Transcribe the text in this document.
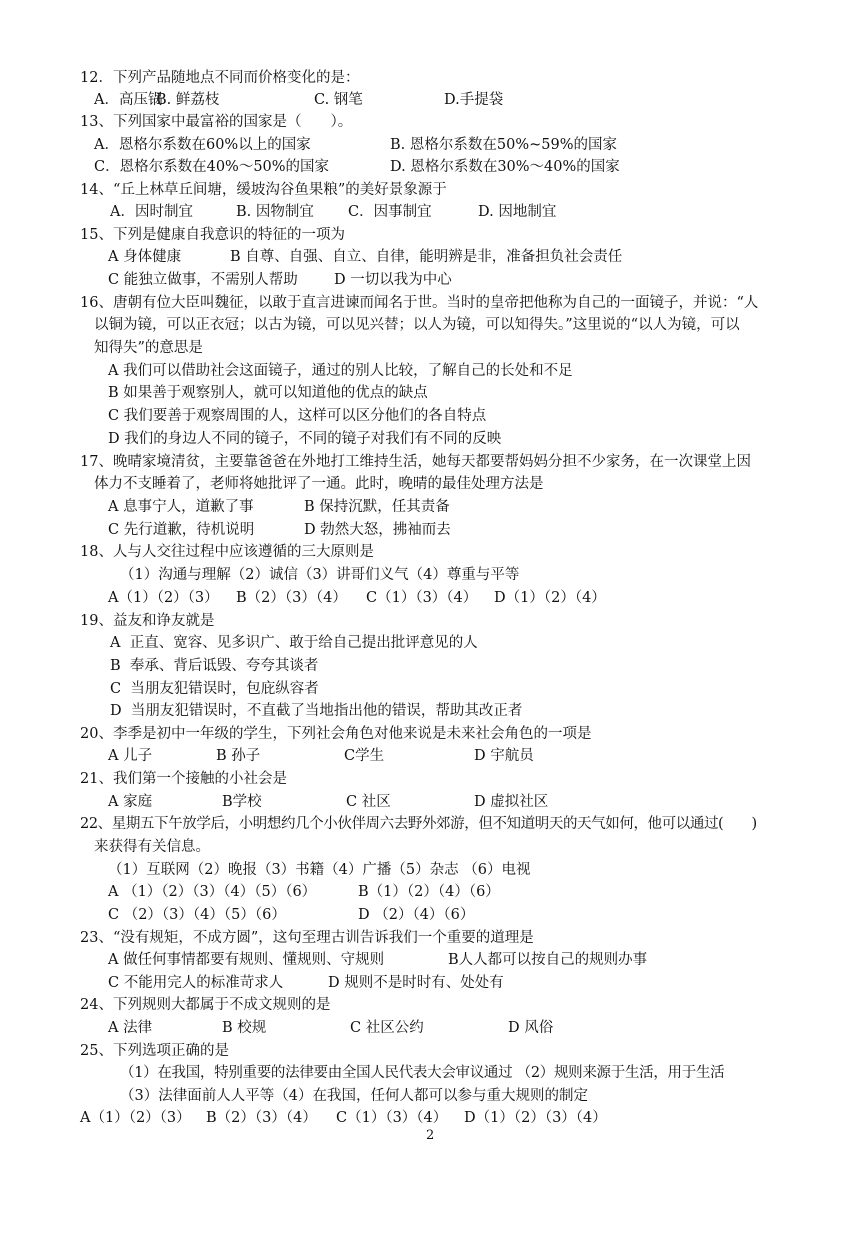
12．下列产品随地点不同而价格变化的是：

A．高压锅

B. 鲜荔枝

	C. 钢笔

	D.手提袋

13、下列国家中最富裕的国家是（　　）。

A．恩格尔系数在60%以上的国家

	B. 恩格尔系数在50%~59%的国家

C．恩格尔系数在40%～50%的国家

	D. 恩格尔系数在30%～40%的国家

14、“丘上林草丘间塘，缓坡沟谷鱼果粮”的美好景象源于

A．因时制宜

	B. 因物制宜

C．因事制宜

	D. 因地制宜

15、下列是健康自我意识的特征的一项为

A 身体健康

	B 自尊、自强、自立、自律，能明辨是非，准备担负社会责任

C 能独立做事，不需别人帮助

	D 一切以我为中心

16、唐朝有位大臣叫魏征，以敢于直言进谏而闻名于世。当时的皇帝把他称为自己的一面镜子，并说：“人
以铜为镜，可以正衣冠；以古为镜，可以见兴替；以人为镜，可以知得失。”这里说的“以人为镜，可以
知得失”的意思是
A 我们可以借助社会这面镜子，通过的别人比较，了解自己的长处和不足
B 如果善于观察别人，就可以知道他的优点的缺点
C 我们要善于观察周围的人，这样可以区分他们的各自特点
D 我们的身边人不同的镜子，不同的镜子对我们有不同的反映
17、晚晴家境清贫，主要靠爸爸在外地打工维持生活，她每天都要帮妈妈分担不少家务，在一次课堂上因
体力不支睡着了，老师将她批评了一通。此时，晚晴的最佳处理方法是

A 息事宁人，道歉了事

	B 保持沉默，任其责备

C 先行道歉，待机说明

	D 勃然大怒，拂袖而去

18、人与人交往过程中应该遵循的三大原则是
（1）沟通与理解（2）诚信（3）讲哥们义气（4）尊重与平等

A（1）（2）（3）

B（2）（3）（4）

C（1）（3）（4）

D（1）（2）（4）

19、益友和诤友就是
A  正直、宽容、见多识广、敢于给自己提出批评意见的人
B  奉承、背后诋毁、夸夸其谈者
C  当朋友犯错误时，包庇纵容者
D  当朋友犯错误时，不直截了当地指出他的错误，帮助其改正者
20、李季是初中一年级的学生，下列社会角色对他来说是未来社会角色的一项是

A 儿子

	B 孙子

	C学生

	D 宇航员

21、我们第一个接触的小社会是

A 家庭

	B学校

	C 社区

	D 虚拟社区

22、星期五下午放学后，小明想约几个小伙伴周六去野外郊游，但不知道明天的天气如何，他可以通过(　　)
来获得有关信息。
（1）互联网（2）晚报（3）书籍（4）广播（5）杂志 （6）电视

A （1）（2）（3）（4）（5）（6）

	B（1）（2）（4）（6）

C （2）（3）（4）（5）（6）

	D （2）（4）（6）

23、“没有规矩，不成方圆”，这句至理古训告诉我们一个重要的道理是

A 做任何事情都要有规则、懂规则、守规则

	B人人都可以按自己的规则办事

C 不能用完人的标准苛求人

	D 规则不是时时有、处处有

24、下列规则大都属于不成文规则的是

A 法律

	B 校规

	C 社区公约

	D 风俗

25、下列选项正确的是
（1）在我国，特别重要的法律要由全国人民代表大会审议通过 （2）规则来源于生活，用于生活
（3）法律面前人人平等（4）在我国，任何人都可以参与重大规则的制定

A（1）（2）（3）

B（2）（3）（4）

C（1）（3）（4）

D（1）（2）（3）（4）

2
